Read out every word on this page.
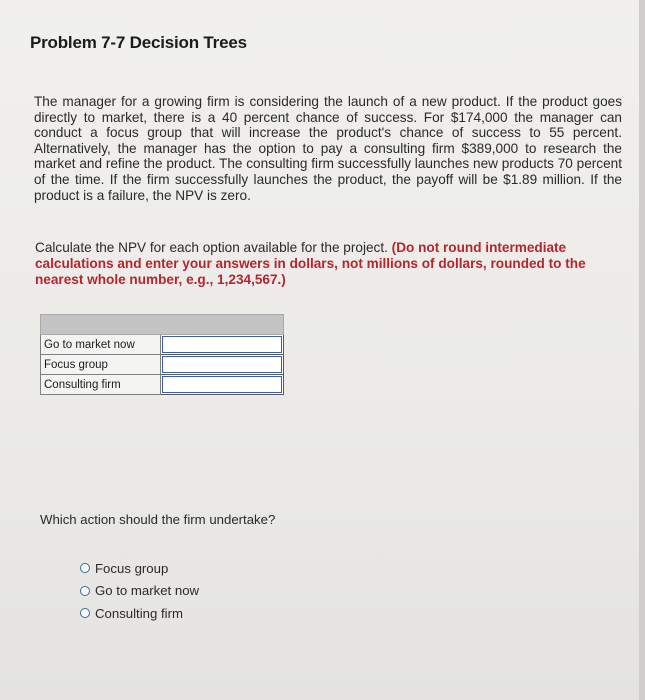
Problem 7-7 Decision Trees
The manager for a growing firm is considering the launch of a new product. If the product goes directly to market, there is a 40 percent chance of success. For $174,000 the manager can conduct a focus group that will increase the product's chance of success to 55 percent. Alternatively, the manager has the option to pay a consulting firm $389,000 to research the market and refine the product. The consulting firm successfully launches new products 70 percent of the time. If the firm successfully launches the product, the payoff will be $1.89 million. If the product is a failure, the NPV is zero.
Calculate the NPV for each option available for the project. (Do not round intermediate calculations and enter your answers in dollars, not millions of dollars, rounded to the nearest whole number, e.g., 1,234,567.)

Go to market now	

Focus group	

Consulting firm	
Which action should the firm undertake?
Focus group
Go to market now
Consulting firm
